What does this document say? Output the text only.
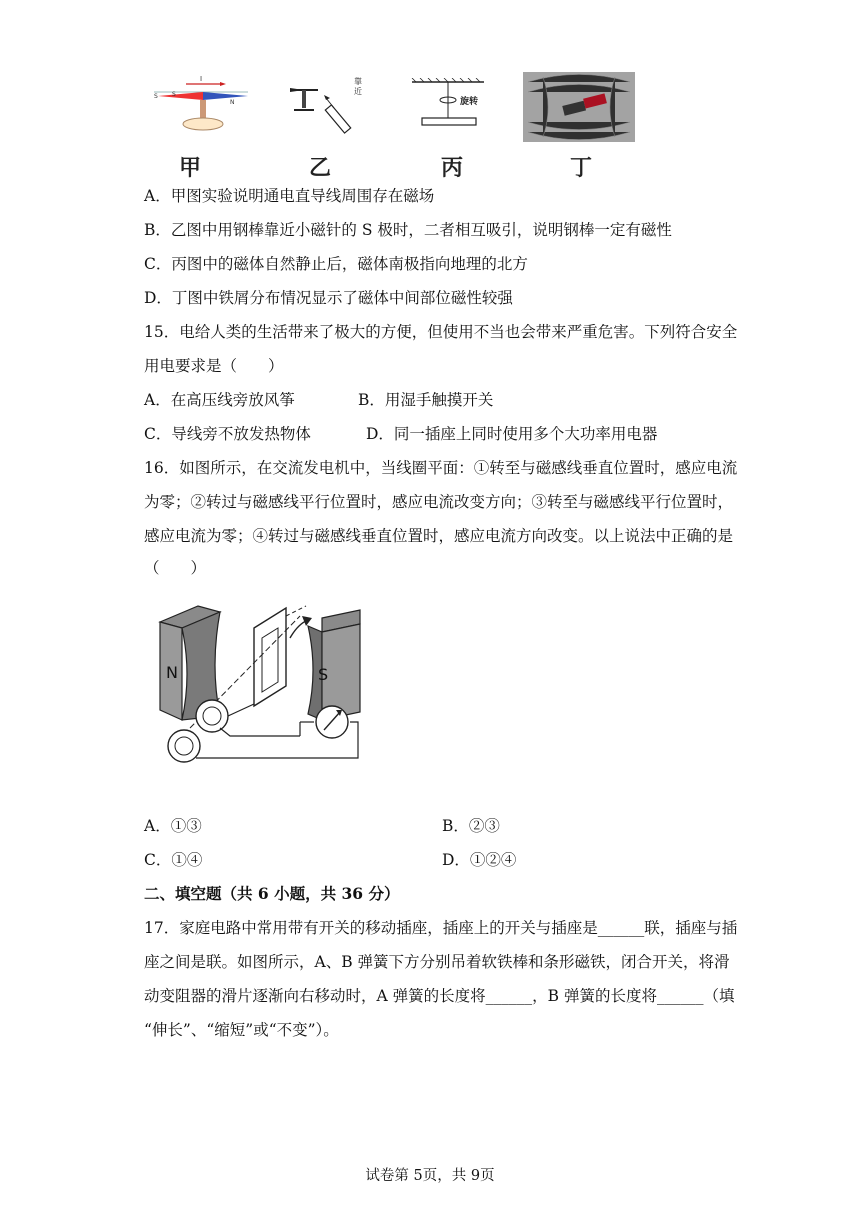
I
S S
N
靠
近
旋转
甲	乙	丙	丁
A．甲图实验说明通电直导线周围存在磁场
B．乙图中用钢棒靠近小磁针的 S 极时，二者相互吸引，说明钢棒一定有磁性
C．丙图中的磁体自然静止后，磁体南极指向地理的北方
D．丁图中铁屑分布情况显示了磁体中间部位磁性较强
15．电给人类的生活带来了极大的方便，但使用不当也会带来严重危害。下列符合安全
用电要求是（　　）
A．在高压线旁放风筝	B．用湿手触摸开关
C．导线旁不放发热物体	D．同一插座上同时使用多个大功率用电器
16．如图所示，在交流发电机中，当线圈平面：①转至与磁感线垂直位置时，感应电流
为零；②转过与磁感线平行位置时，感应电流改变方向；③转至与磁感线平行位置时，
感应电流为零；④转过与磁感线垂直位置时，感应电流方向改变。以上说法中正确的是
（　　）
N	S
A．①③	B．②③
C．①④	D．①②④
二、填空题（共 6 小题，共 36 分）
17．家庭电路中常用带有开关的移动插座，插座上的开关与插座是______联，插座与插
座之间是联。如图所示，A、B 弹簧下方分别吊着软铁棒和条形磁铁，闭合开关，将滑
动变阻器的滑片逐渐向右移动时，A 弹簧的长度将______，B 弹簧的长度将______（填
“伸长”、“缩短”或“不变”）。
试卷第 5页，共 9页
